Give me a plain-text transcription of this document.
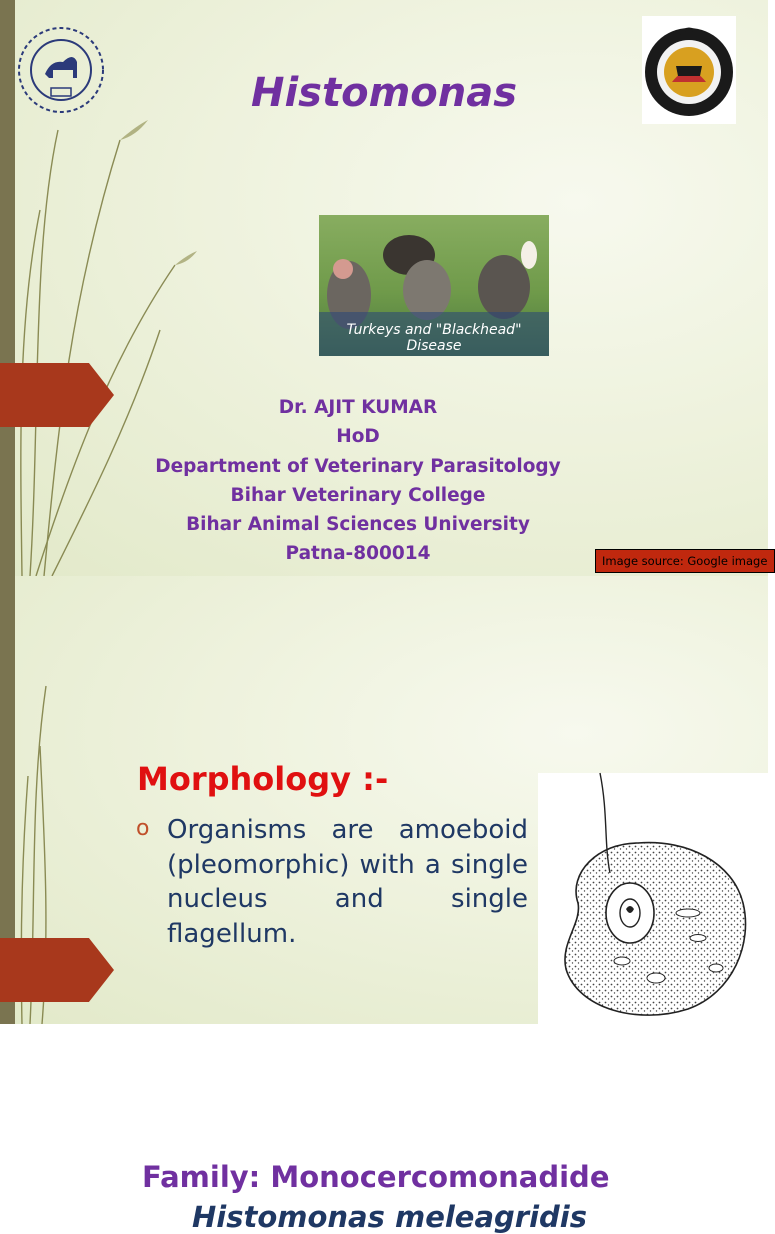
Histomonas
Turkeys and "Blackhead" Disease
Dr. AJIT KUMAR
HoD
Department of Veterinary Parasitology
Bihar Veterinary College
Bihar Animal Sciences University
Patna-800014	Image source: Google image
Family: Monocercomonadide
Histomonas meleagridis
Morphology :-
o Organisms are amoeboid (pleomorphic) with a single nucleus and single flagellum.
